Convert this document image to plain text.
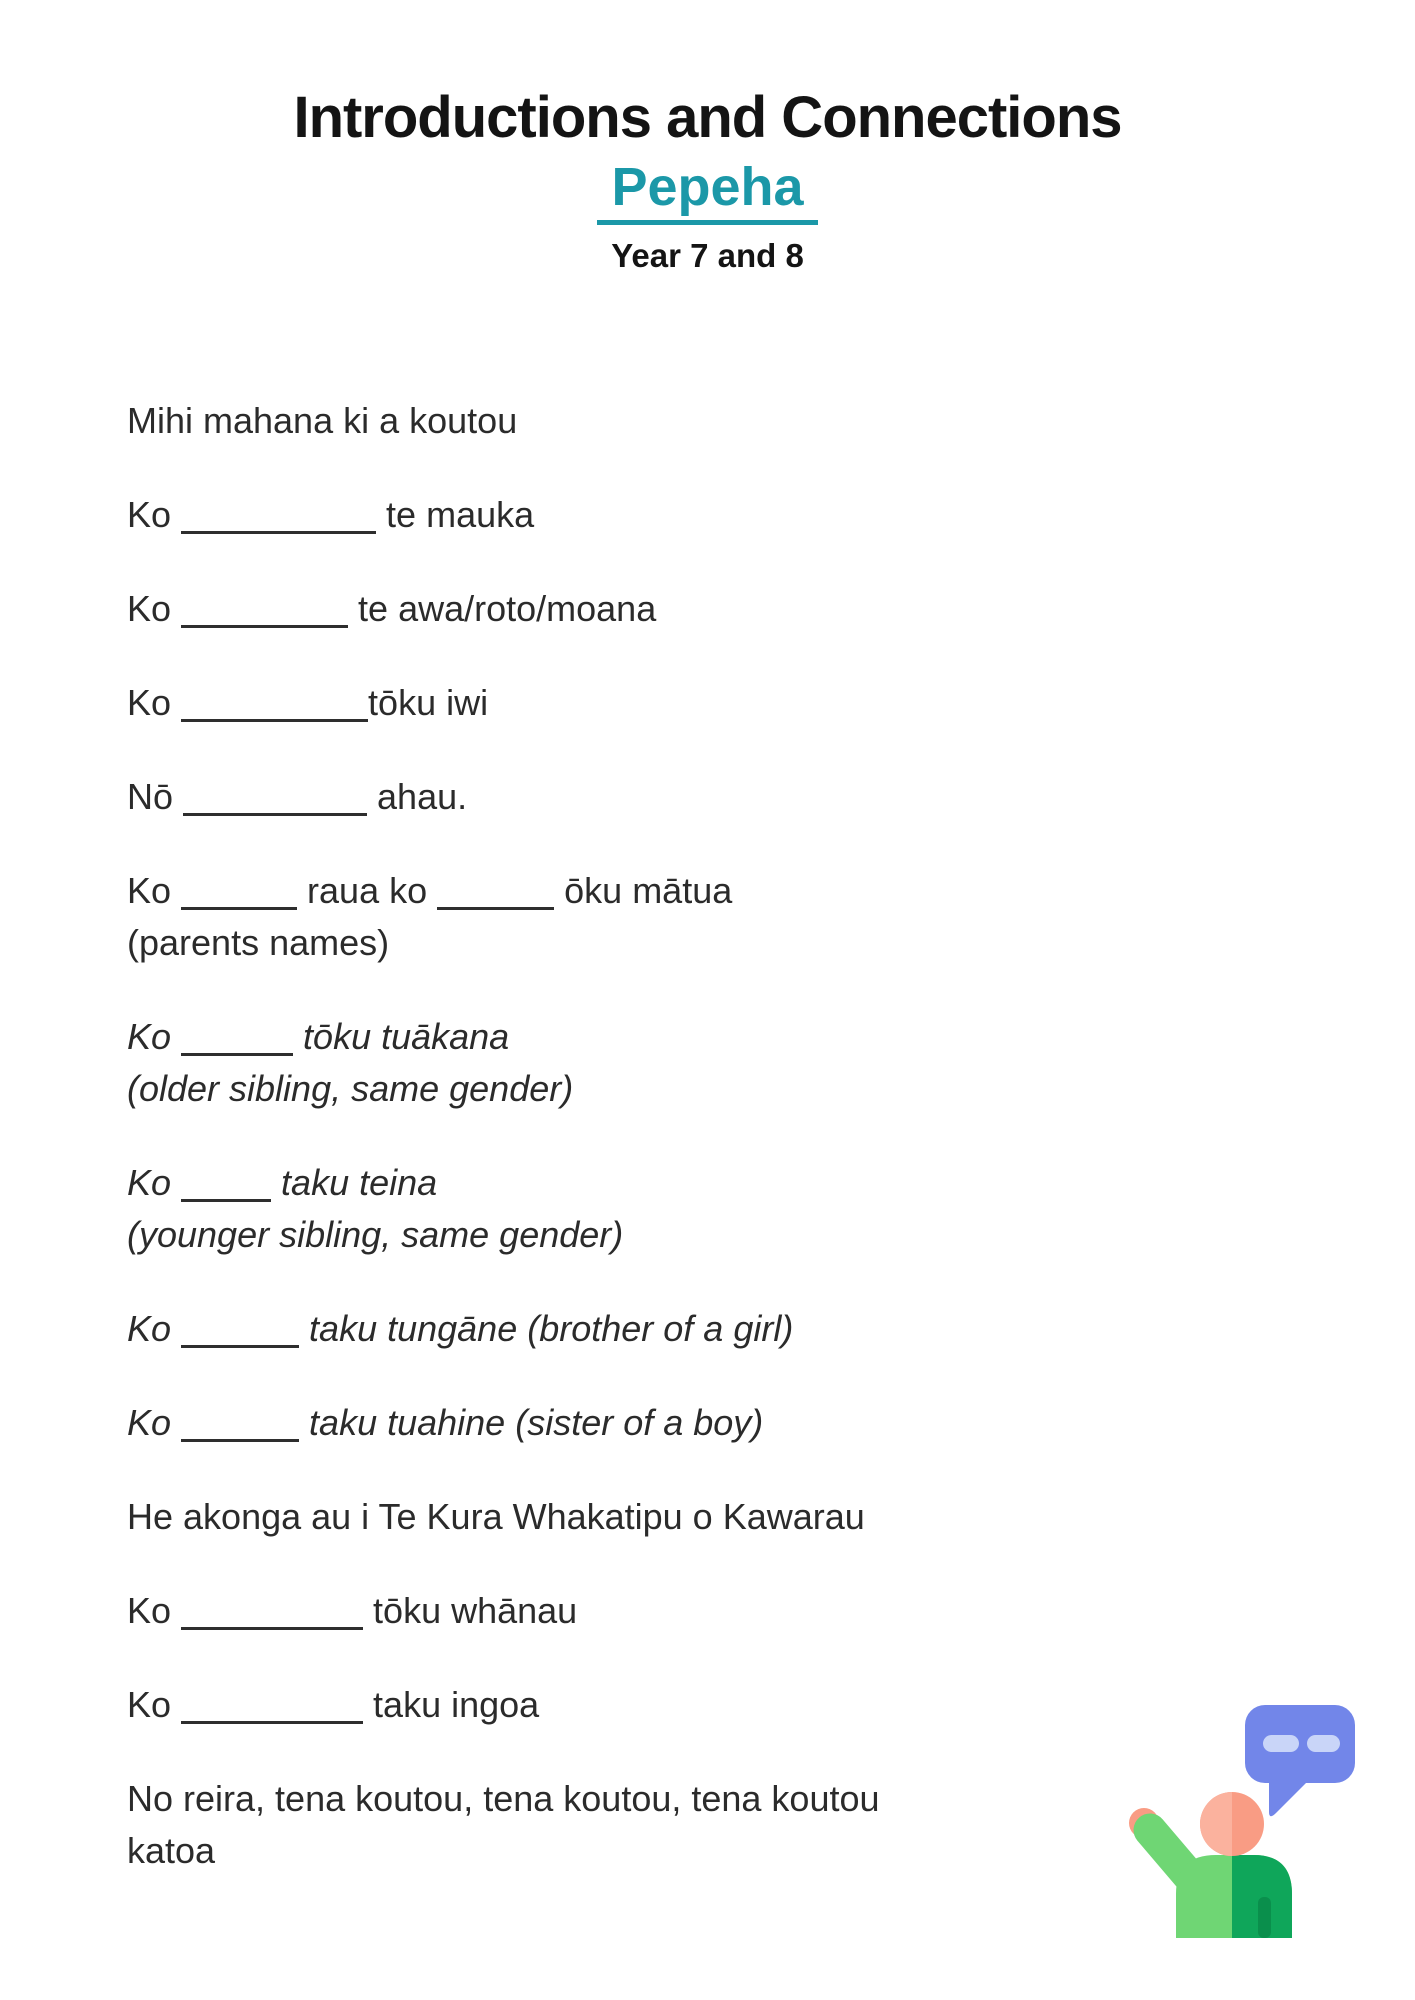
Introductions and Connections
Pepeha
Year 7 and 8

Mihi mahana ki a koutou

Ko	te mauka

Ko	te awa/roto/moana

Ko	tōku iwi

Nō	ahau.

Ko	raua ko	ōku mātua
(parents names)

Ko	tōku tuākana
(older sibling, same gender)

Ko	taku teina
(younger sibling, same gender)

Ko	taku tungāne (brother of a girl)

Ko	taku tuahine (sister of a boy)

He akonga au i Te Kura Whakatipu o Kawarau

Ko	tōku whānau

Ko	taku ingoa

No reira, tena koutou, tena koutou, tena koutou
katoa
